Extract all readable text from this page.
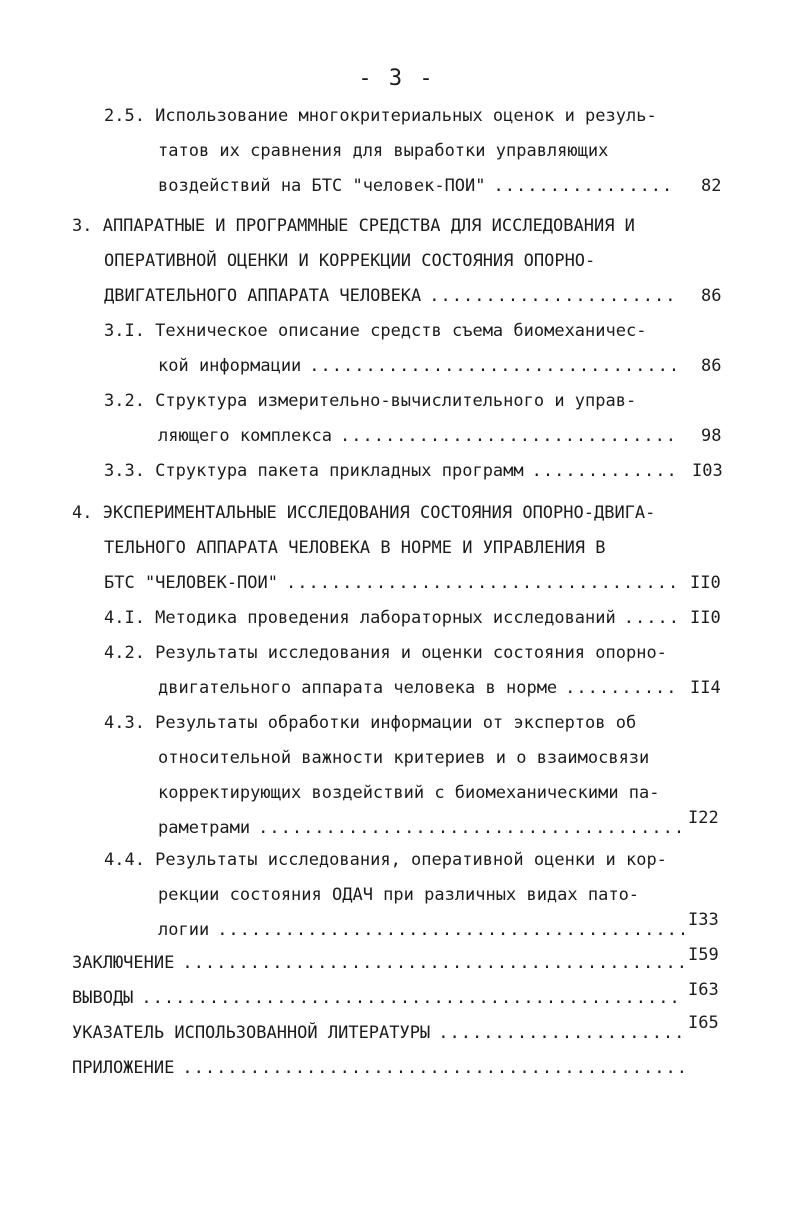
- 3 -
2.5. Использование многокритериальных оценок и резуль-
татов их сравнения для выработки управляющих
воздействий на БТС "человек-ПОИ" .....	82
3. АППАРАТНЫЕ И ПРОГРАММНЫЕ СРЕДСТВА ДЛЯ ИССЛЕДОВАНИЯ И
ОПЕРАТИВНОЙ ОЦЕНКИ И КОРРЕКЦИИ СОСТОЯНИЯ ОПОРНО-
ДВИГАТЕЛЬНОГО АППАРАТА ЧЕЛОВЕКА .....	86
3.I. Техническое описание средств съема биомеханичес-
кой информации .....	86
3.2. Структура измерительно-вычислительного и управ-
ляющего комплекса .....	98
3.3. Структура пакета прикладных программ .....	I03
4. ЭКСПЕРИМЕНТАЛЬНЫЕ ИССЛЕДОВАНИЯ СОСТОЯНИЯ ОПОРНО-ДВИГА-
ТЕЛЬНОГО АППАРАТА ЧЕЛОВЕКА В НОРМЕ И УПРАВЛЕНИЯ В
БТС "ЧЕЛОВЕК-ПОИ" .....	II0
4.I. Методика проведения лабораторных исследований .....	II0
4.2. Результаты исследования и оценки состояния опорно-
двигательного аппарата человека в норме .....	II4
4.3. Результаты обработки информации от экспертов об
относительной важности критериев и о взаимосвязи
корректирующих воздействий с биомеханическими па-
раметрами .....	I22
4.4. Результаты исследования, оперативной оценки и кор-
рекции состояния ОДАЧ при различных видах пато-
логии .....	I33
ЗАКЛЮЧЕНИЕ .....	I59
ВЫВОДЫ .....	I63
УКАЗАТЕЛЬ ИСПОЛЬЗОВАННОЙ ЛИТЕРАТУРЫ .....	I65
ПРИЛОЖЕНИЕ
.....
